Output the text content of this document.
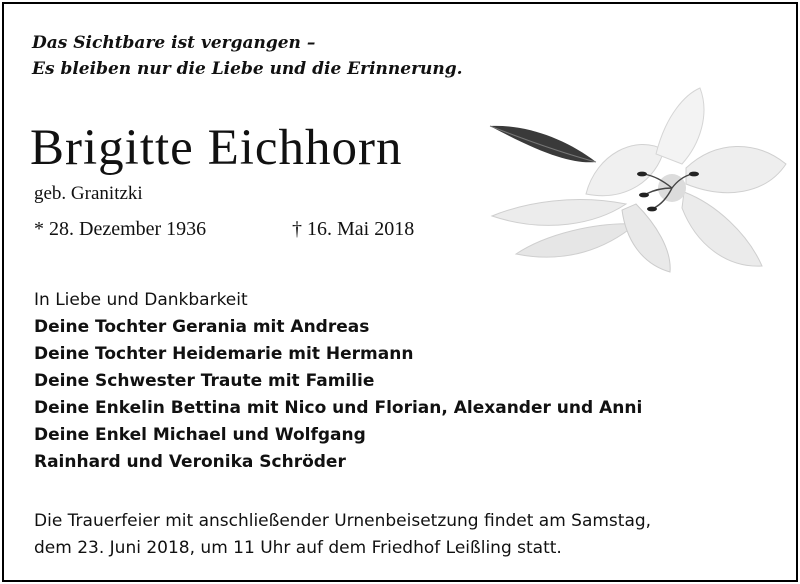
Das Sichtbare ist vergangen –
Es bleiben nur die Liebe und die Erinnerung.
Brigitte Eichhorn
geb. Granitzki
* 28. Dezember 1936	† 16. Mai 2018
In Liebe und Dankbarkeit
Deine Tochter Gerania mit Andreas
Deine Tochter Heidemarie mit Hermann
Deine Schwester Traute mit Familie
Deine Enkelin Bettina mit Nico und Florian, Alexander und Anni
Deine Enkel Michael und Wolfgang
Rainhard und Veronika Schröder
Die Trauerfeier mit anschließender Urnenbeisetzung findet am Samstag,
dem 23. Juni 2018, um 11 Uhr auf dem Friedhof Leißling statt.
